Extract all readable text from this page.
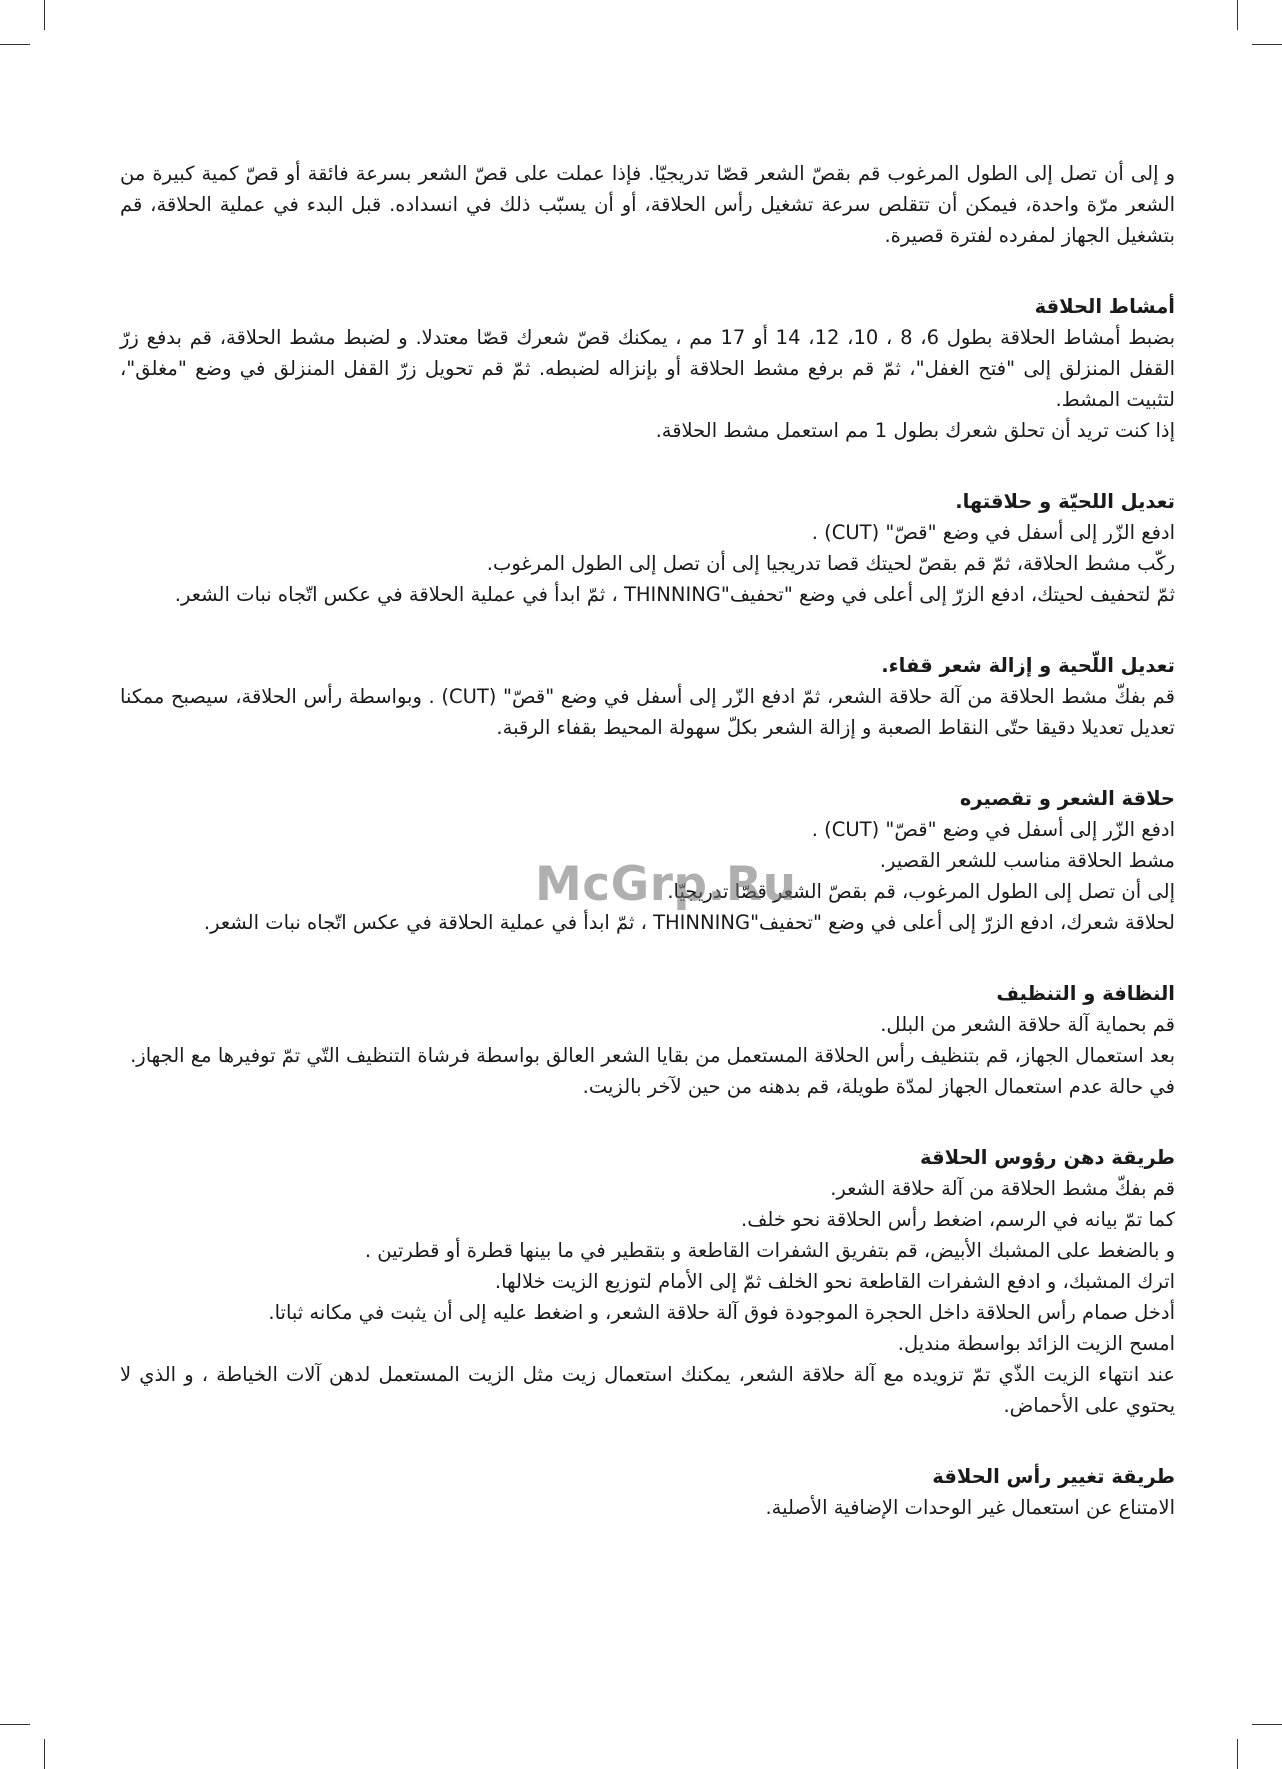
و إلى أن تصل إلى الطول المرغوب قم بقصّ الشعر قصّا تدريجيّا. فإذا عملت على قصّ الشعر بسرعة فائقة أو قصّ كمية كبيرة من الشعر مرّة واحدة، فيمكن أن تتقلص سرعة تشغيل رأس الحلاقة، أو أن يسبّب ذلك في انسداده. قبل البدء في عملية الحلاقة، قم بتشغيل الجهاز لمفرده لفترة قصيرة.

أمشاط الحلاقة

بضبط أمشاط الحلاقة بطول 6، 8 ، 10، 12، 14 أو 17 مم ، يمكنك قصّ شعرك قصّا معتدلا. و لضبط مشط الحلاقة، قم بدفع زرّ القفل المنزلق إلى "فتح الغفل"، ثمّ قم برفع مشط الحلاقة أو بإنزاله لضبطه. ثمّ قم تحويل زرّ القفل المنزلق في وضع "مغلق"، لتثبيت المشط.

إذا كنت تريد أن تحلق شعرك بطول 1 مم استعمل مشط الحلاقة.

تعديل اللحيّة و حلاقتها.

ادفع الزّر إلى أسفل في وضع "قصّ" (CUT) .

ركّب مشط الحلاقة، ثمّ قم بقصّ لحيتك قصا تدريجيا إلى أن تصل إلى الطول المرغوب.

ثمّ لتحفيف لحيتك، ادفع الزرّ إلى أعلى في وضع "تحفيف"THINNING ، ثمّ ابدأ في عملية الحلاقة في عكس اتّجاه نبات الشعر.

تعديل اللّحية و إزالة شعر قفاء.

قم بفكّ مشط الحلاقة من آلة حلاقة الشعر، ثمّ ادفع الزّر إلى أسفل في وضع "قصّ" (CUT) . وبواسطة رأس الحلاقة، سيصبح ممكنا تعديل تعديلا دقيقا حتّى النقاط الصعبة و إزالة الشعر بكلّ سهولة المحيط بقفاء الرقبة.

حلاقة الشعر و تقصيره

ادفع الزّر إلى أسفل في وضع "قصّ" (CUT) .

مشط الحلاقة مناسب للشعر القصير.

إلى أن تصل إلى الطول المرغوب، قم بقصّ الشعر قصّا تدريجيّا.

لحلاقة شعرك، ادفع الزرّ إلى أعلى في وضع "تحفيف"THINNING ، ثمّ ابدأ في عملية الحلاقة في عكس اتّجاه نبات الشعر.

النظافة و التنظيف

قم بحماية آلة حلاقة الشعر من البلل.

بعد استعمال الجهاز، قم بتنظيف رأس الحلاقة المستعمل من بقايا الشعر العالق بواسطة فرشاة التنظيف التّي تمّ توفيرها مع الجهاز.

في حالة عدم استعمال الجهاز لمدّة طويلة، قم بدهنه من حين لآخر بالزيت.

طريقة دهن رؤوس الحلاقة

قم بفكّ مشط الحلاقة من آلة حلاقة الشعر.

كما تمّ بيانه في الرسم، اضغط رأس الحلاقة نحو خلف.

و بالضغط على المشبك الأبيض، قم بتفريق الشفرات القاطعة و بتقطير في ما بينها قطرة أو قطرتين .

اترك المشبك، و ادفع الشفرات القاطعة نحو الخلف ثمّ إلى الأمام لتوزيع الزيت خلالها.

أدخل صمام رأس الحلاقة داخل الحجرة الموجودة فوق آلة حلاقة الشعر، و اضغط عليه إلى أن يثبت في مكانه ثباتا.

امسح الزيت الزائد بواسطة منديل.

عند انتهاء الزيت الذّي تمّ تزويده مع آلة حلاقة الشعر، يمكنك استعمال زيت مثل الزيت المستعمل لدهن آلات الخياطة ، و الذي لا يحتوي على الأحماض.

طريقة تغيير رأس الحلاقة

الامتناع عن استعمال غير الوحدات الإضافية الأصلية.

McGrp.Ru
